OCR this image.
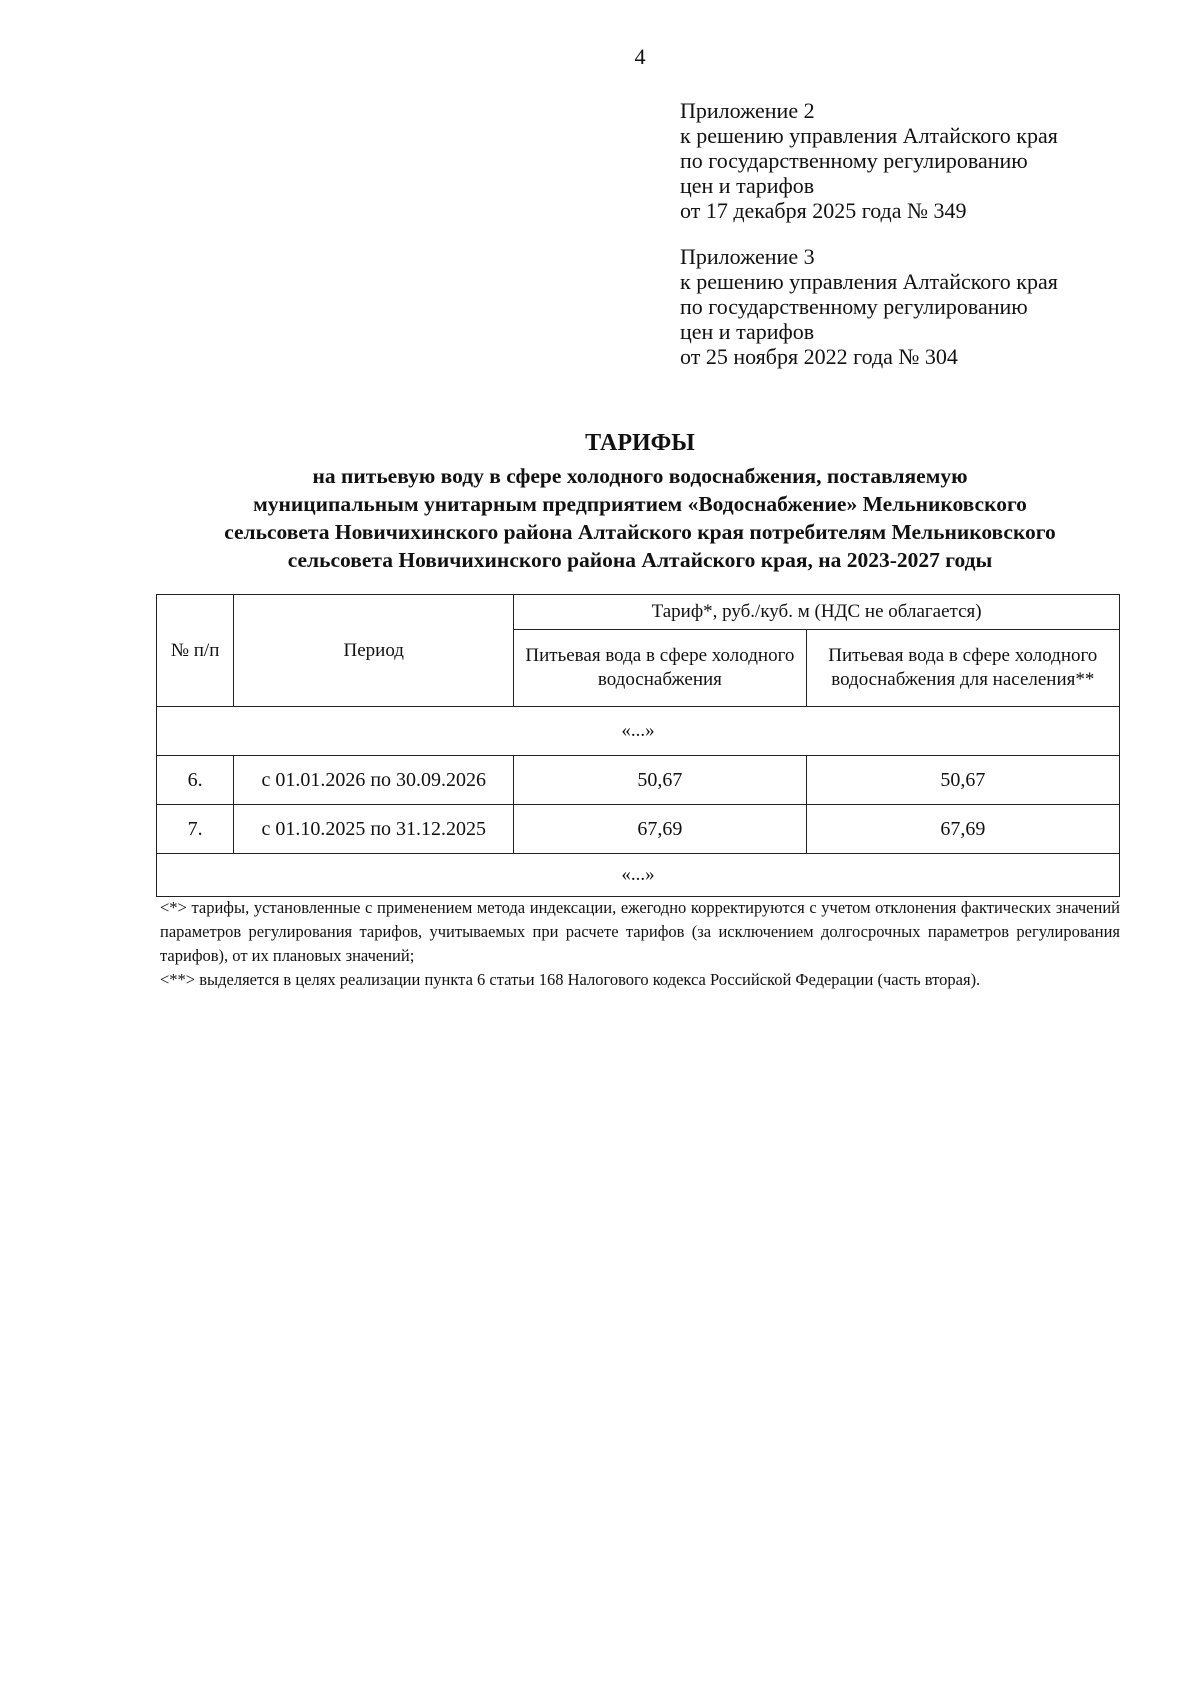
4
Приложение 2
к решению управления Алтайского края
по государственному регулированию
цен и тарифов
от 17 декабря 2025 года № 349
Приложение 3
к решению управления Алтайского края
по государственному регулированию
цен и тарифов
от 25 ноября 2022 года № 304
ТАРИФЫ
на питьевую воду в сфере холодного водоснабжения, поставляемую
муниципальным унитарным предприятием «Водоснабжение» Мельниковского
сельсовета Новичихинского района Алтайского края потребителям Мельниковского
сельсовета Новичихинского района Алтайского края, на 2023-2027 годы
№ п/п	Период	Тариф*, руб./куб. м (НДС не облагается)	
		Питьевая вода в сфере холодного водоснабжения	Питьевая вода в сфере холодного водоснабжения для населения**
«...»			
6.	с 01.01.2026 по 30.09.2026	50,67	50,67
7.	с 01.10.2025 по 31.12.2025	67,69	67,69
«...»			

<*> тарифы, установленные с применением метода индексации, ежегодно корректируются с учетом отклонения фактических значений параметров регулирования тарифов, учитываемых при расчете тарифов (за исключением долгосрочных параметров регулирования тарифов), от их плановых значений;

<**> выделяется в целях реализации пункта 6 статьи 168 Налогового кодекса Российской Федерации (часть вторая).
